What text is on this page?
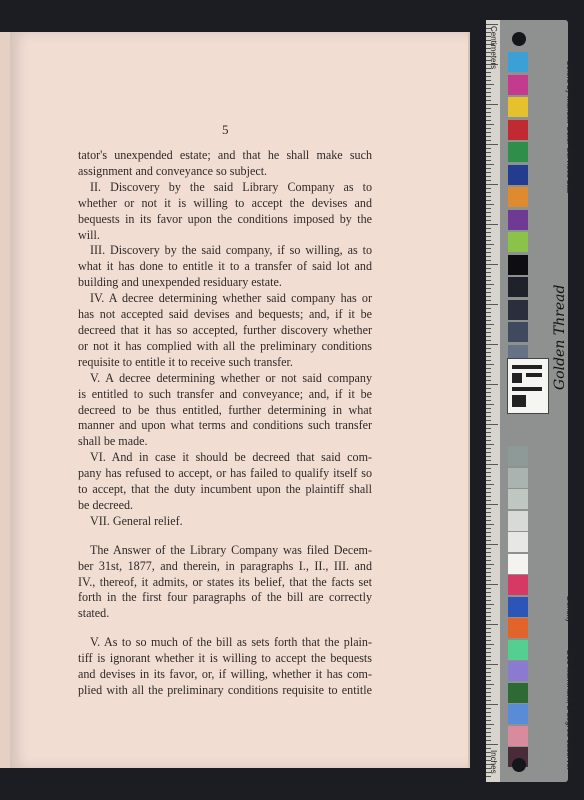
5
tator's unexpended estate; and that he shall make such
assignment and conveyance so subject.
II. Discovery by the said Library Company as to
whether or not it is willing to accept the devises and
bequests in its favor upon the conditions imposed by the
will.
III. Discovery by the said company, if so willing, as to
what it has done to entitle it to a transfer of said lot and
building and unexpended residuary estate.
IV. A decree determining whether said company has or
has not accepted said devises and bequests; and, if it be
decreed that it has so accepted, further discovery whether
or not it has complied with all the preliminary conditions
requisite to entitle it to receive such transfer.
V. A decree determining whether or not said company
is entitled to such transfer and conveyance; and, if it be
decreed to be thus entitled, further determining in what
manner and upon what terms and conditions such transfer
shall be made.
VI. And in case it should be decreed that said com-
pany has refused to accept, or has failed to qualify itself so
to accept, that the duty incumbent upon the plaintiff shall
be decreed.
VII. General relief.
The Answer of the Library Company was filed Decem-
ber 31st, 1877, and therein, in paragraphs I., II., III. and
IV., thereof, it admits, or states its belief, that the facts set
forth in the first four paragraphs of the bill are correctly
stated.
V. As to so much of the bill as sets forth that the plain-
tiff is ignorant whether it is willing to accept the bequests
and devises in its favor, or, if willing, whether it has com-
plied with all the preliminary conditions requisite to entitle
Colors by Munsell Color Services Lab
D50 Illuminant, 2 degree observer
Centimeters
Inches
Density
Golden Thread
